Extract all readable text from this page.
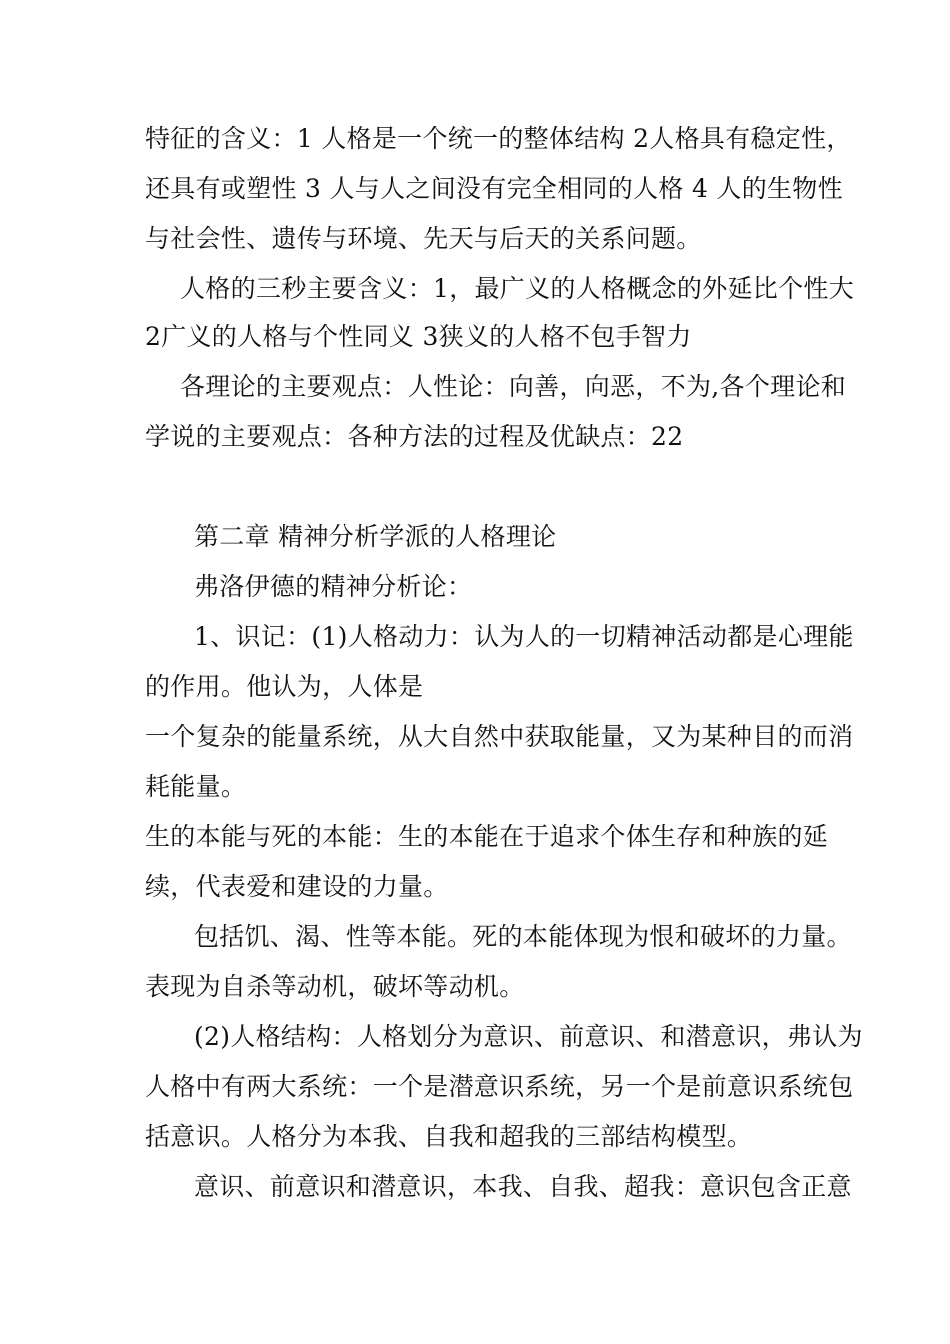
特征的含义：1 人格是一个统一的整体结构 2人格具有稳定性，
还具有或塑性 3 人与人之间没有完全相同的人格 4 人的生物性
与社会性、遗传与环境、先天与后天的关系问题。
人格的三秒主要含义：1，最广义的人格概念的外延比个性大
2广义的人格与个性同义 3狭义的人格不包手智力
各理论的主要观点：人性论：向善，向恶，不为,各个理论和
学说的主要观点：各种方法的过程及优缺点：22
第二章 精神分析学派的人格理论
弗洛伊德的精神分析论：
1、识记：(1)人格动力：认为人的一切精神活动都是心理能
的作用。他认为，人体是
一个复杂的能量系统，从大自然中获取能量，又为某种目的而消
耗能量。
生的本能与死的本能：生的本能在于追求个体生存和种族的延
续，代表爱和建设的力量。
包括饥、渴、性等本能。死的本能体现为恨和破坏的力量。
表现为自杀等动机，破坏等动机。
(2)人格结构：人格划分为意识、前意识、和潜意识，弗认为
人格中有两大系统：一个是潜意识系统，另一个是前意识系统包
括意识。人格分为本我、自我和超我的三部结构模型。
意识、前意识和潜意识，本我、自我、超我：意识包含正意
